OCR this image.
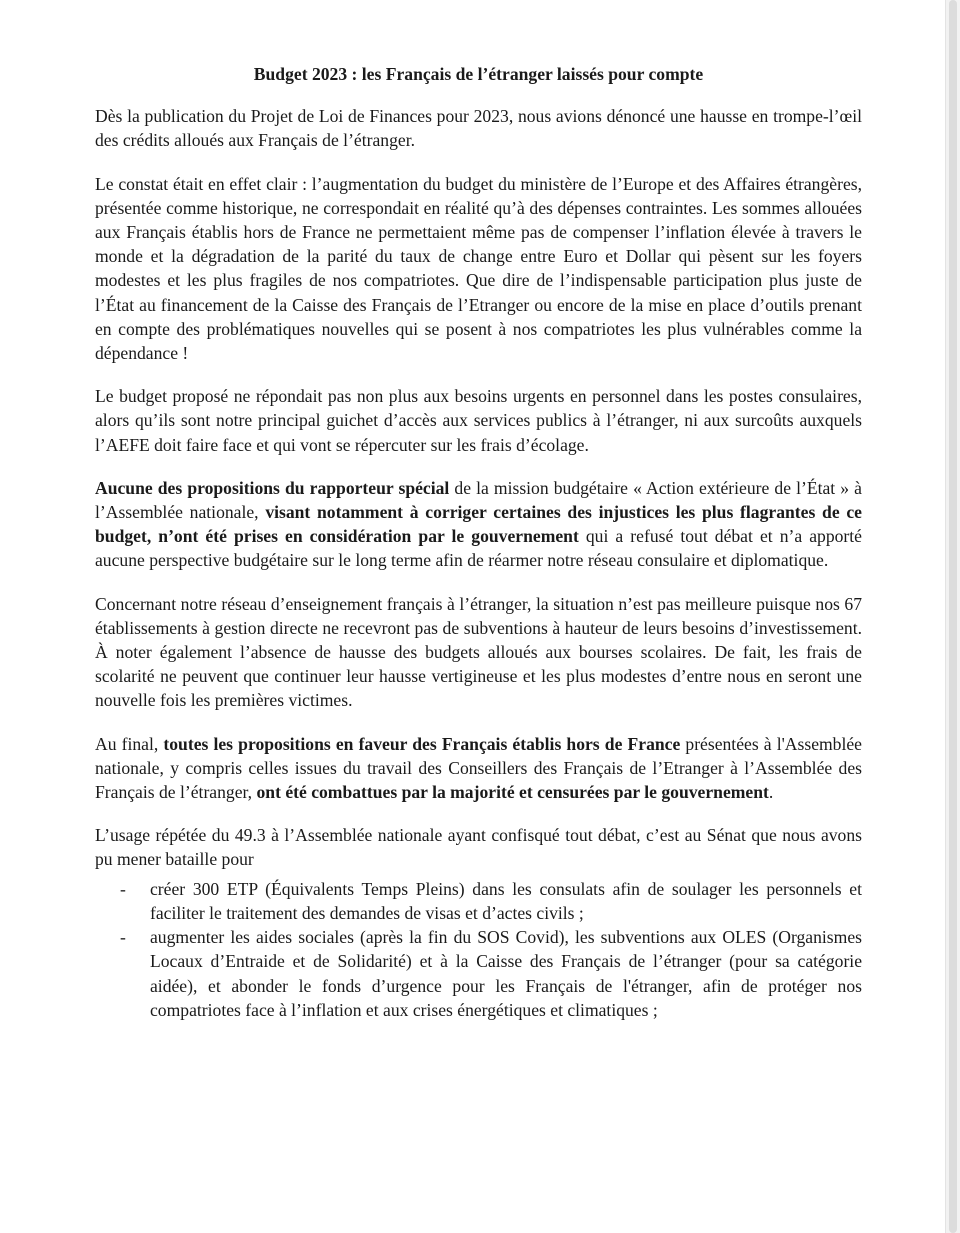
Budget 2023 : les Français de l’étranger laissés pour compte

Dès la publication du Projet de Loi de Finances pour 2023, nous avions dénoncé une hausse en trompe-l’œil des crédits alloués aux Français de l’étranger.

Le constat était en effet clair : l’augmentation du budget du ministère de l’Europe et des Affaires étrangères, présentée comme historique, ne correspondait en réalité qu’à des dépenses contraintes. Les sommes allouées aux Français établis hors de France ne permettaient même pas de compenser l’inflation élevée à travers le monde et la dégradation de la parité du taux de change entre Euro et Dollar qui pèsent sur les foyers modestes et les plus fragiles de nos compatriotes. Que dire de l’indispensable participation plus juste de l’État au financement de la Caisse des Français de l’Etranger ou encore de la mise en place d’outils prenant en compte des problématiques nouvelles qui se posent à nos compatriotes les plus vulnérables comme la dépendance !

Le budget proposé ne répondait pas non plus aux besoins urgents en personnel dans les postes consulaires, alors qu’ils sont notre principal guichet d’accès aux services publics à l’étranger, ni aux surcoûts auxquels l’AEFE doit faire face et qui vont se répercuter sur les frais d’écolage.

Aucune des propositions du rapporteur spécial de la mission budgétaire « Action extérieure de l’État » à l’Assemblée nationale, visant notamment à corriger certaines des injustices les plus flagrantes de ce budget, n’ont été prises en considération par le gouvernement qui a refusé tout débat et n’a apporté aucune perspective budgétaire sur le long terme afin de réarmer notre réseau consulaire et diplomatique.

Concernant notre réseau d’enseignement français à l’étranger, la situation n’est pas meilleure puisque nos 67 établissements à gestion directe ne recevront pas de subventions à hauteur de leurs besoins d’investissement. À noter également l’absence de hausse des budgets alloués aux bourses scolaires. De fait, les frais de scolarité ne peuvent que continuer leur hausse vertigineuse et les plus modestes d’entre nous en seront une nouvelle fois les premières victimes.

Au final, toutes les propositions en faveur des Français établis hors de France présentées à l'Assemblée nationale, y compris celles issues du travail des Conseillers des Français de l’Etranger à l’Assemblée des Français de l’étranger, ont été combattues par la majorité et censurées par le gouvernement.

L’usage répétée du 49.3 à l’Assemblée nationale ayant confisqué tout débat, c’est au Sénat que nous avons pu mener bataille pour

- créer 300 ETP (Équivalents Temps Pleins) dans les consulats afin de soulager les personnels et faciliter le traitement des demandes de visas et d’actes civils ;
- augmenter les aides sociales (après la fin du SOS Covid), les subventions aux OLES (Organismes Locaux d’Entraide et de Solidarité) et à la Caisse des Français de l’étranger (pour sa catégorie aidée), et abonder le fonds d’urgence pour les Français de l'étranger, afin de protéger nos compatriotes face à l’inflation et aux crises énergétiques et climatiques ;
